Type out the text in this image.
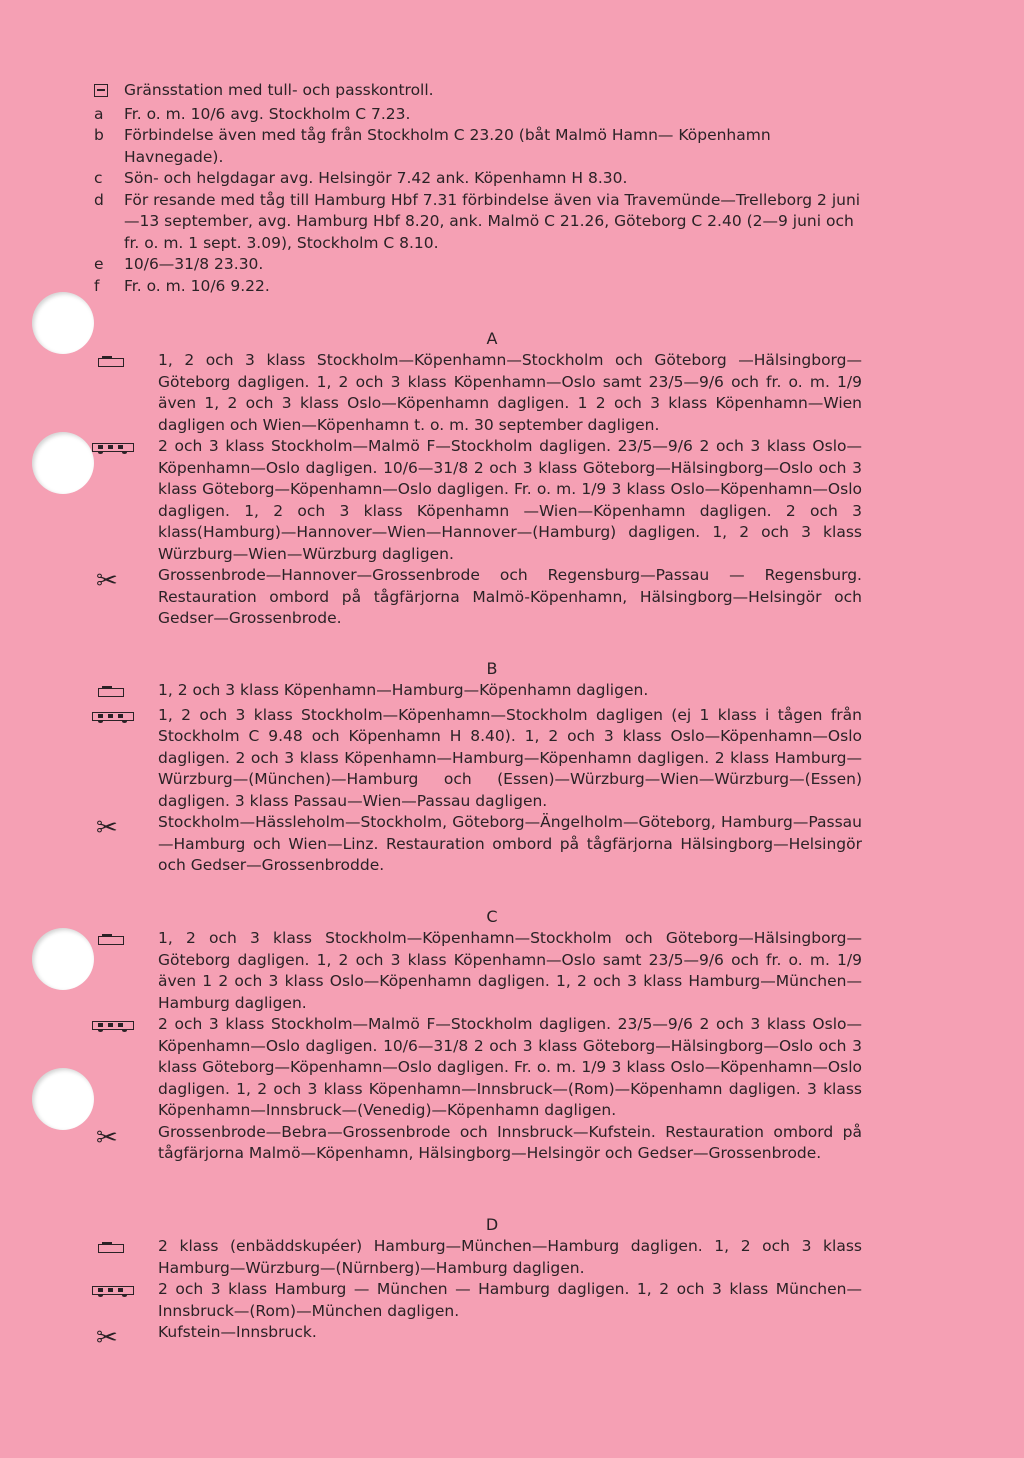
Gränsstation med tull- och passkontroll.
a	Fr. o. m. 10/6 avg. Stockholm C 7.23.
b	Förbindelse även med tåg från Stockholm C 23.20 (båt Malmö Hamn— Köpenhamn Havnegade).
c	Sön- och helgdagar avg. Helsingör 7.42 ank. Köpenhamn H 8.30.
d	För resande med tåg till Hamburg Hbf 7.31 förbindelse även via Travemünde—Trelleborg 2 juni—13 september, avg. Hamburg Hbf 8.20, ank. Malmö C 21.26, Göteborg C 2.40 (2—9 juni och fr. o. m. 1 sept. 3.09), Stockholm C 8.10.
e	10/6—31/8 23.30.
f	Fr. o. m. 10/6 9.22.
A
1, 2 och 3 klass Stockholm—Köpenhamn—Stockholm och Göteborg —Hälsingborg—Göteborg dagligen. 1, 2 och 3 klass Köpenhamn—Oslo samt 23/5—9/6 och fr. o. m. 1/9 även 1, 2 och 3 klass Oslo—Köpenhamn dagligen. 1 2 och 3 klass Köpenhamn—Wien dagligen och Wien—Köpenhamn t. o. m. 30 september dagligen.
2 och 3 klass Stockholm—Malmö F—Stockholm dagligen. 23/5—9/6 2 och 3 klass Oslo—Köpenhamn—Oslo dagligen. 10/6—31/8 2 och 3 klass Göteborg—Hälsingborg—Oslo och 3 klass Göteborg—Köpenhamn—Oslo dagligen. Fr. o. m. 1/9 3 klass Oslo—Köpenhamn—Oslo dagligen. 1, 2 och 3 klass Köpenhamn —Wien—Köpenhamn dagligen. 2 och 3 klass(Hamburg)—Hannover—Wien—Hannover—(Hamburg) dagligen. 1, 2 och 3 klass Würzburg—Wien—Würzburg dagligen.
✂	Grossenbrode—Hannover—Grossenbrode och Regensburg—Passau — Regensburg. Restauration ombord på tågfärjorna Malmö-Köpenhamn, Hälsingborg—Helsingör och Gedser—Grossenbrode.
B
1, 2 och 3 klass Köpenhamn—Hamburg—Köpenhamn dagligen.
1, 2 och 3 klass Stockholm—Köpenhamn—Stockholm dagligen (ej 1 klass i tågen från Stockholm C 9.48 och Köpenhamn H 8.40). 1, 2 och 3 klass Oslo—Köpenhamn—Oslo dagligen. 2 och 3 klass Köpenhamn—Hamburg—Köpenhamn dagligen. 2 klass Hamburg—Würzburg—(München)—Hamburg och (Essen)—Würzburg—Wien—Würzburg—(Essen) dagligen. 3 klass Passau—Wien—Passau dagligen.
✂	Stockholm—Hässleholm—Stockholm, Göteborg—Ängelholm—Göteborg, Hamburg—Passau—Hamburg och Wien—Linz. Restauration ombord på tågfärjorna Hälsingborg—Helsingör och Gedser—Grossenbrodde.
C
1, 2 och 3 klass Stockholm—Köpenhamn—Stockholm och Göteborg—Hälsingborg—Göteborg dagligen. 1, 2 och 3 klass Köpenhamn—Oslo samt 23/5—9/6 och fr. o. m. 1/9 även 1 2 och 3 klass Oslo—Köpenhamn dagligen. 1, 2 och 3 klass Hamburg—München—Hamburg dagligen.
2 och 3 klass Stockholm—Malmö F—Stockholm dagligen. 23/5—9/6 2 och 3 klass Oslo—Köpenhamn—Oslo dagligen. 10/6—31/8 2 och 3 klass Göteborg—Hälsingborg—Oslo och 3 klass Göteborg—Köpenhamn—Oslo dagligen. Fr. o. m. 1/9 3 klass Oslo—Köpenhamn—Oslo dagligen. 1, 2 och 3 klass Köpenhamn—Innsbruck—(Rom)—Köpenhamn dagligen. 3 klass Köpenhamn—Innsbruck—(Venedig)—Köpenhamn dagligen.
✂	Grossenbrode—Bebra—Grossenbrode och Innsbruck—Kufstein. Restauration ombord på tågfärjorna Malmö—Köpenhamn, Hälsingborg—Helsingör och Gedser—Grossenbrode.
D
2 klass (enbäddskupéer) Hamburg—München—Hamburg dagligen. 1, 2 och 3 klass Hamburg—Würzburg—(Nürnberg)—Hamburg dagligen.
2 och 3 klass Hamburg — München — Hamburg dagligen. 1, 2 och 3 klass München—Innsbruck—(Rom)—München dagligen.
✂	Kufstein—Innsbruck.
